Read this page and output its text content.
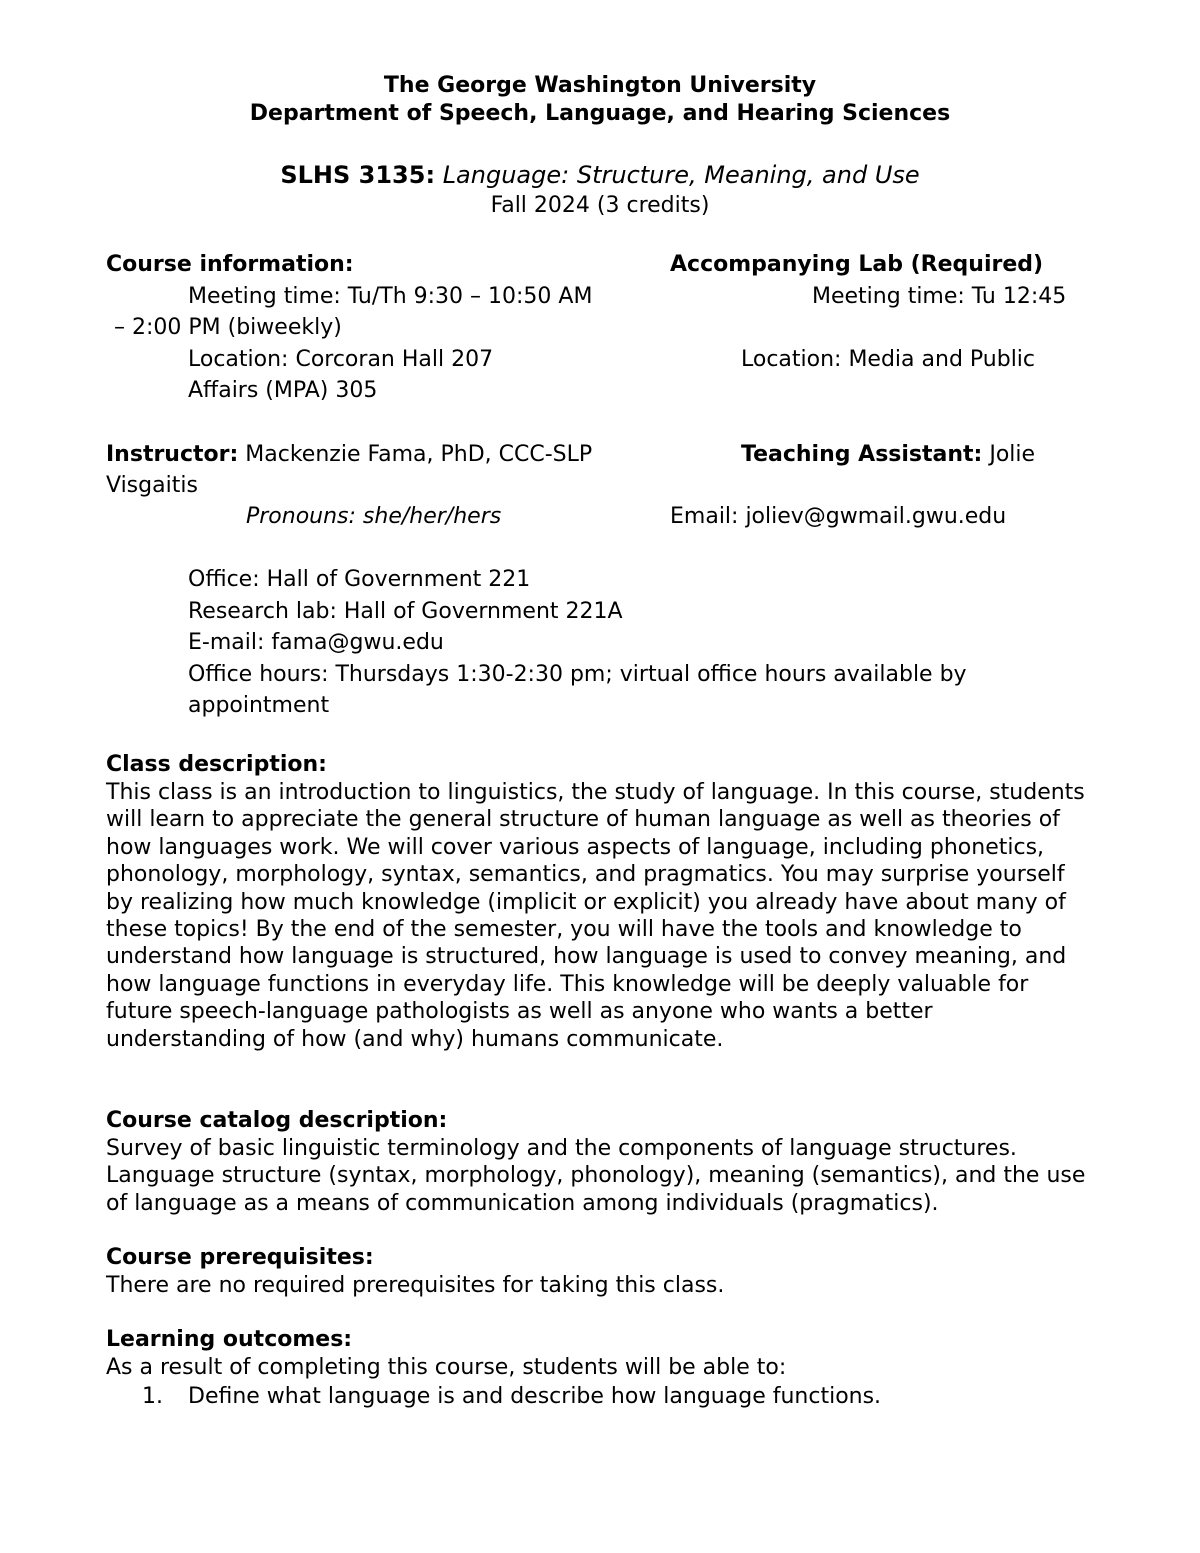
The George Washington University
Department of Speech, Language, and Hearing Sciences
SLHS 3135: Language: Structure, Meaning, and Use
Fall 2024 (3 credits)
Course information:	Accompanying Lab (Required)
Meeting time: Tu/Th 9:30 – 10:50 AM	Meeting time: Tu 12:45
– 2:00 PM (biweekly)
Location: Corcoran Hall 207	Location: Media and Public
Affairs (MPA) 305
Instructor: Mackenzie Fama, PhD, CCC-SLP	Teaching Assistant: Jolie
Visgaitis
Pronouns: she/her/hers	Email: joliev@gwmail.gwu.edu
Office: Hall of Government 221
Research lab: Hall of Government 221A
E-mail: fama@gwu.edu
Office hours: Thursdays 1:30-2:30 pm; virtual office hours available by
appointment
Class description:

This class is an introduction to linguistics, the study of language. In this course, students will learn to appreciate the general structure of human language as well as theories of how languages work. We will cover various aspects of language, including phonetics, phonology, morphology, syntax, semantics, and pragmatics. You may surprise yourself by realizing how much knowledge (implicit or explicit) you already have about many of these topics! By the end of the semester, you will have the tools and knowledge to understand how language is structured, how language is used to convey meaning, and how language functions in everyday life. This knowledge will be deeply valuable for future speech-language pathologists as well as anyone who wants a better understanding of how (and why) humans communicate.

Course catalog description:

Survey of basic linguistic terminology and the components of language structures. Language structure (syntax, morphology, phonology), meaning (semantics), and the use of language as a means of communication among individuals (pragmatics).

Course prerequisites:

There are no required prerequisites for taking this class.

Learning outcomes:
As a result of completing this course, students will be able to:
1. Define what language is and describe how language functions.
